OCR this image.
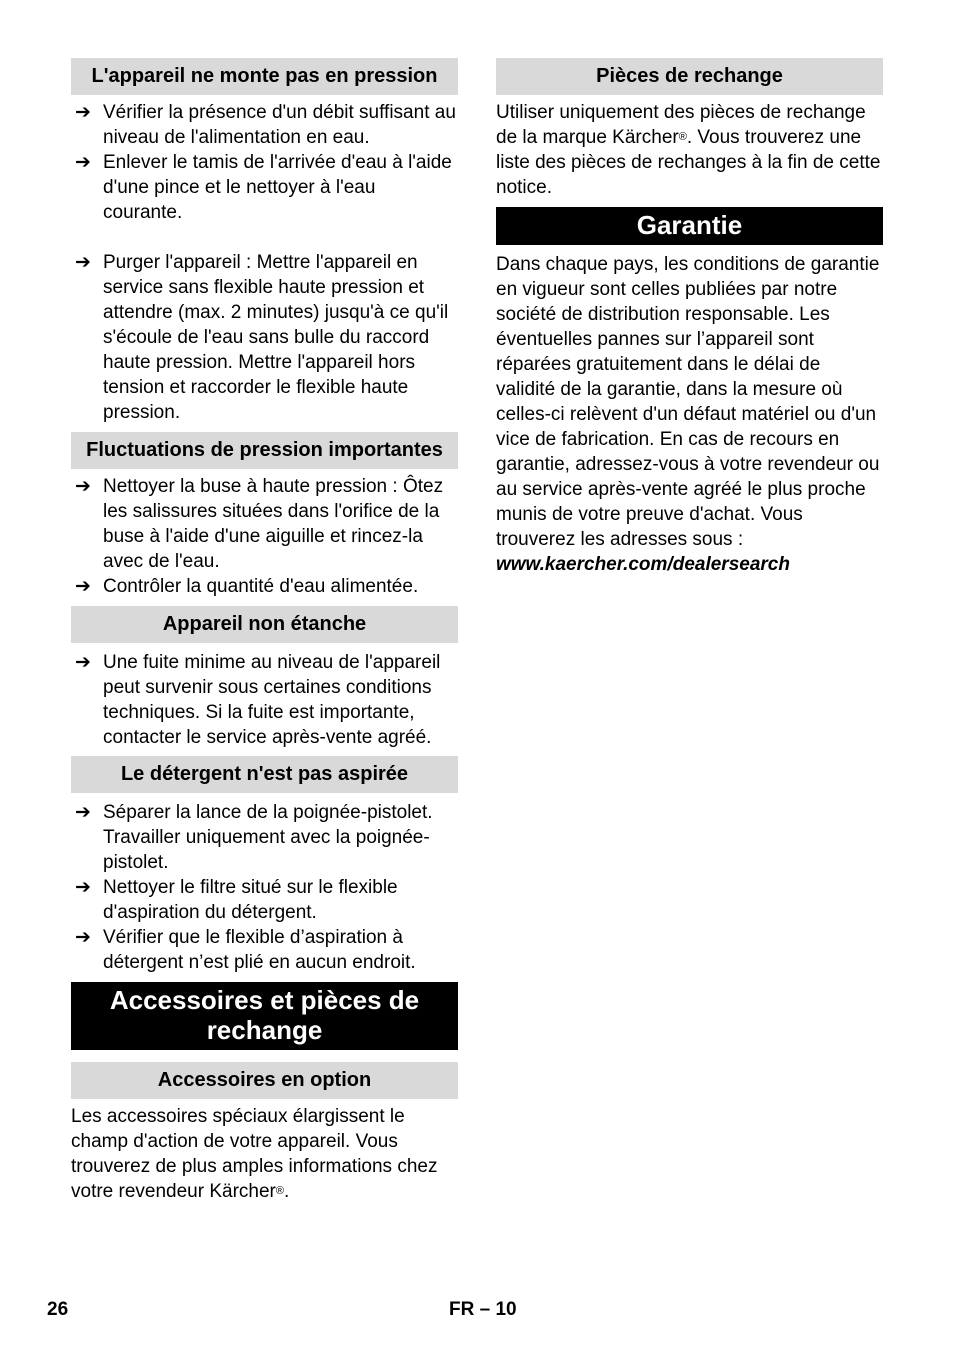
L'appareil ne monte pas en pression
➔ Vérifier la présence d'un débit suffisant au niveau de l'alimentation en eau.
➔ Enlever le tamis de l'arrivée d'eau à l'aide d'une pince et le nettoyer à l'eau courante.
➔ Purger l'appareil : Mettre l'appareil en service sans flexible haute pression et attendre (max. 2 minutes) jusqu'à ce qu'il s'écoule de l'eau sans bulle du raccord haute pression. Mettre l'appareil hors tension et raccorder le flexible haute pression.
Fluctuations de pression importantes
➔ Nettoyer la buse à haute pression : Ôtez les salissures situées dans l'orifice de la buse à l'aide d'une aiguille et rincez-la avec de l'eau.
➔ Contrôler la quantité d'eau alimentée.
Appareil non étanche
➔ Une fuite minime au niveau de l'appareil peut survenir sous certaines conditions techniques. Si la fuite est importante, contacter le service après-vente agréé.
Le détergent n'est pas aspirée
➔ Séparer la lance de la poignée-pistolet. Travailler uniquement avec la poignée-pistolet.
➔ Nettoyer le filtre situé sur le flexible d'aspiration du détergent.
➔ Vérifier que le flexible d’aspiration à détergent n’est plié en aucun endroit.
Accessoires et pièces de rechange
Accessoires en option

Les accessoires spéciaux élargissent le champ d'action de votre appareil. Vous trouverez de plus amples informations chez votre revendeur Kärcher®.

Pièces de rechange

Utiliser uniquement des pièces de rechange de la marque Kärcher®. Vous trouverez une liste des pièces de rechanges à la fin de cette notice.

Garantie

Dans chaque pays, les conditions de garantie en vigueur sont celles publiées par notre société de distribution responsable. Les éventuelles pannes sur l’appareil sont réparées gratuitement dans le délai de validité de la garantie, dans la mesure où celles-ci relèvent d'un défaut matériel ou d'un vice de fabrication. En cas de recours en garantie, adressez-vous à votre revendeur ou au service après-vente agréé le plus proche munis de votre preuve d'achat. Vous trouverez les adresses sous :

www.kaercher.com/dealersearch

26	FR – 10
